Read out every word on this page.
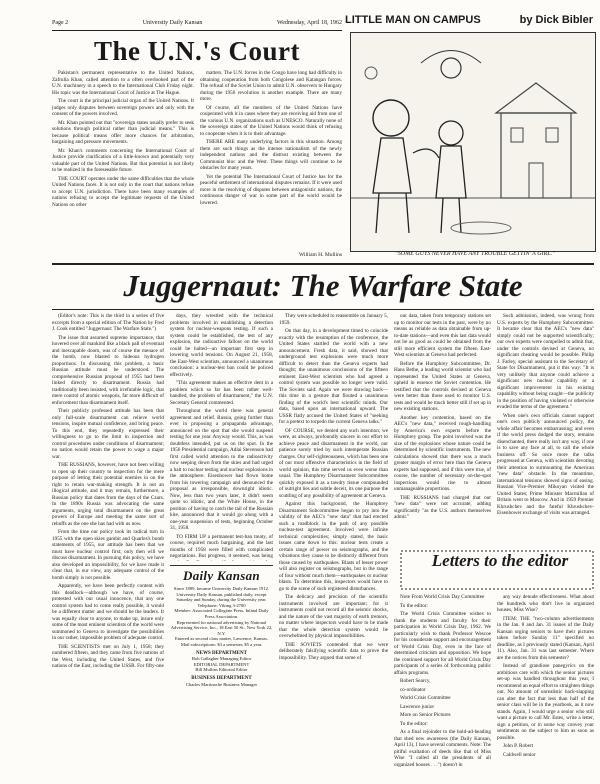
Page 2	University Daily Kansan	Wednesday, April 18, 1962 LITTLE MAN ON CAMPUS	by Dick Bibler
The U.N.'s Court

Pakistan's permanent representative to the United Nations, Zafrulla Khan, called attention to a often overlooked part of the U.N. machinery in a speech to the International Club Friday night. His topic was the International Court of Justice at The Hague.

The court is the principal judicial organ of the United Nations. It judges only disputes between sovereign powers and only with the consent of the powers involved.

Mr. Khan pointed out that "sovereign states usually prefer to seek solutions through political rather than judicial means." This is because political means offer more chances for arbitration, bargaining and pressure movements.

Mr. Khan's comments concerning the International Court of Justice provide clarification of a little-known and potentially very valuable part of the United Nations. But that potential is not likely to be realized in the foreseeable future.

THE COURT operates under the same difficulties that the whole United Nations faces. It is not only in the court that nations refuse to accept U.N. jurisdiction. There have been many examples of nations refusing to accept the legitimate requests of the United Nations on other

matters. The U.N. forces in the Congo have long had difficulty in obtaining cooperation from both Congolese and Katangan forces. The refusal of the Soviet Union to admit U.N. observers to Hungary during the 1956 revolution is another example. There are many more.

Of course, all the members of the United Nations have cooperated with it in cases where they are receiving aid from one of the various U.N. organizations such as UNESCO. Naturally none of the sovereign states of the United Nations would think of refusing to cooperate when it is to their advantage.

THERE ARE many underlying factors in this situation. Among them are such things as the intense nationalism of the newly independent nations and the distrust existing between the Communist bloc and the West. These things will continue to be obstacles for many years.

Yet the potential The International Court of Justice has for the peaceful settlement of international disputes remains. If it were used more in the resolving of disputes between antagonistic nations, the continuous danger of war in some part of the world would be lowered.

William H. Mullins	"SOME GUYS NEVER HAVE ANY TROUBLE GETTIN' A GIRL."
Juggernaut: The Warfare State

(Editor's note: This is the third in a series of five excerpts from a special edition of The Nation by Fred J. Cook entitled "Juggernaut: The Warfare State.")

The issue that assumed supreme importance, that hovered over all mankind like a black pall of eventual and inescapable doom, was of course the menace of the bomb, now blasted to hideous hydrogen proportions. In discussing this problem, a basic Russian attitude must be understood. The comprehensive Russian proposal of 1955 had been linked directly to disarmament. Russia had traditionally been insisted, with irrefutable logic, that mere control of atomic weapons, far more difficult of enforcement than disarmament itself.

Their publicly professed attitude has been that only full-scale disarmament can relieve world tensions, inspire mutual confidence, and bring peace. To this end, they repeatedly expressed their willingness to go to the limit in inspection and control procedures under conditions of disarmament; no nation would retain the power to wage a major war.

THE RUSSIANS, however, have not been willing to open up their country to inspection for the mere purpose of letting their potential enemies in on the right to retain war-making strength. It is not an illogical attitude, and it may remain, furthermore, a Russian policy that dates from the days of the Czars. In the 1890s Russia was advocating the same arguments, urging total disarmament on the great powers of Europe and meeting the same sort of rebuffs as the one she has had with us now.

From the time our policy took its radical turn in 1955 with the open skies gambit and Quarles's bomb statements of 1955, our attitude has been that we must have nuclear control first; only then will we discuss disarmament. In pursuing this policy, we have also developed an impossibility, for we have made it clear that, in our view, any adequate control of the bomb simply is not possible.

Apparently, we have been perfectly content with this deadlock—although we have, of course, protested with our usual innocence, that any one control system had to come really possible, it would be a different matter and we should be the leaders. It was equally clear to anyone, to make up, insure only some of the most eminent scientists of the world were summoned to Geneva to investigate the possibilities in our rather, impossible problem of adequate control.

THE SCIENTISTS met on July 1, 1958; they numbered fifteen, and they came from five nations of the West, including the United States, and five nations of the East, including the USSR. For fifty-one

days, they wrestled with the technical problems involved in establishing a detection system for nuclear-weapons testing. If such a system could be established, the test of any explosion, the radioactive fallout on the world could be halted—an important first step in lowering world tensions. On August 21, 1958, the East-West scientists, announced a unanimous conclusion: a nuclear-test ban could be policed effectively.

"This agreement makes an effective dent in a problem which so far has been rather well-handled, the problem of disarmament," the U.N. Secretary General commented.

Throughout the world there was general agreement and relief. Russia, going further than ever in proposing a propaganda advantage, announced on the spot that she would suspend testing for one year. Anyway would. This, as was doubtless intended, put us on the spot. In the 1956 Presidential campaign, Adlai Stevenson had first called world attention to the radioactivity now seeping down from the skies and had urged a halt to nuclear testing and nuclear explosions in the atmosphere. Eisenhower had flown home from his towering campaign and denounced the proposal as irresponsible, downright idiotic. Now, less than two years later, it didn't seem quite so idiotic, and the White House, in the position of having to catch the tail of the Russian kite, announced that it would go along with a one-year suspension of tests, beginning October 31, 1958.

TO FIRM UP a permanent test-ban treaty, of course, required much bargaining, and the last months of 1958 were filled with complicated negotiations. But progress, it seemed, was being

They were scheduled to reassemble on January 5, 1959.

On that day, in a development timed to coincide exactly with the resumption of the conference, the United States startled the world with a new announcement. Fresh data, it said, showed that underground test explosions were much more difficult to detect than the Geneva experts had thought; the unanimous conclusions of the fifteen eminent East-West scientists who had agreed a control system was possible no longer were valid. The Soviets said: Again we were drawing back—this time in a gesture that flouted a unanimous finding of the world's best scientific minds. Our data, based upon an international upward. The USSR flatly accused the United States of "seeking for a pretext to torpedo the current Geneva talks."

OF COURSE, we denied any such intention; we were, as always, profoundly sincere in our effort to achieve peace and disarmament in the world, our patience sorely tried by such intemperate Russian charges. Our self-righteousness, which has been one of our most offensive characteristics in the field of world opinion, this time served us even worse than usual. The Humphrey Disarmament Subcommittee quickly exposed it as a tawdry tissue compounded of outright lies and subtle deceit, its one purpose the scuttling of any possibility of agreement at Geneva.

Against this background, the Humphrey Disarmament Subcommittee began to pry into the validity of the AEC's "new data" that had erected such a roadblock in the path of any possible nuclear-test agreement. Involved were infinite technical complexities; simply stated, the basic issues came down to this: nuclear tests create a certain range of power on seismographs, and the vibrations they cause to be distinctly different from those caused by earthquakes. Blasts of lesser power will also register on seismographs, but in the range of four without much them—earthquakes or nuclear blasts. To determine this, inspectors would have to go to the scene of such registered disturbances.

The delicacy and precision of the scientific instruments involved are important; for it instruments could not record all the seismic shocks, and the nature of the vast majority of earth tremors, no matter where inspectors would have to be made that the whole detection system would be overwhelmed by physical impossibilities.

THE SOVIETS contended that we were deliberately falsifying scientific data to prove the impossibility. They argued that some of

our data, taken from temporary stations set up to monitor our tests in the past, were by no means as reliable as data obtainable from up-to-date stations—and even this last data would not be as good as could be obtained from the still more efficient system the fifteen East-West scientists at Geneva had perfected.

Before the Humphrey Subcommittee, Dr. Hans Bethe, a leading world scientist who had represented the United States at Geneva, upheld in essence the Soviet contention. He testified that the controls devised at Geneva were better than those used to monitor U.S. tests and would be much better still if set up in new existing stations.

Another key contention, based on the AEC's "new data," received rough-handling by America's own experts before the Humphrey group. The point involved was the size of the explosions whose nature could be determined by scientific instruments. The new calculations showed that there was a much greater margin of error here than the Geneva experts had supposed, and if this were true, of course, the number of necessary on-the-spot inspections would rise to almost unmanageable proportions.

THE RUSSIANS had charged that our "new data" were not accurate, adding significantly "as the U.S. authors themselves admit."

Such admission, indeed, was wrung from U.S. experts by the Humphrey Subcommittee. It became clear that the AEC's "new data" simply could not be supported scientifically; our own experts were compelled to admit that, under the controls devised at Geneva, no significant cheating would be possible. Philip J. Farley, special assistant to the Secretary of State for Disarmament, put it this way: "It is very unlikely that anyone could achieve a significant new nuclear capability or a significant improvement in his existing capability without being caught—the publicity in the position of having violated or otherwise evaded the terms of the agreement."

When one's own officials cannot support one's own publicly announced policy, the whole affair becomes embarrassing; and even if the world press dodged the story, remains disenchanted, there really isn't any way, if one is to save any face at all, to call the whole business off. So once more the talks progressed at Geneva, with scientists devoting their attention to surmounting the American "new data" obstacle. In the meantime, international tensions showed signs of easing. Russian Vice-Premier Mikoyan visited the United States; Prime Minister Macmillan of Britain went to Moscow. And in 1959 Premier Khrushchev and the fateful Khrushchev-Eisenhower exchange of visits was arranged.

Daily Kansan
Since 1889, became University Daily Kansan 1912.
University Daily Kansan, published daily, except Saturday and Sunday, during the University year.
Telephone: Viking 3-2700
Member: Associated Collegiate Press, Inland Daily Press Association.
Represented for national advertising by National Advertising Service, Inc., 18 East 50 St., New York 22, N.Y.
Entered as second class matter, Lawrence, Kansas.
Mail subscriptions: $3 a semester, $5 a year.
NEWS DEPARTMENT
Bob Gallagher Managing Editor
EDITORIAL DEPARTMENT
Bill Mullins Editorial Editor
BUSINESS DEPARTMENT
Charles Martinache Business Manager
Letters to the editor

Note From World Crisis Day Committee

To the editor:

The World Crisis Committee wishes to thank the students and faculty for their participation in World Crisis Day, 1962. We particularly wish to thank Professor Wescoe for his considerate support and encouragement of World Crisis Day, even in the face of determined criticism and opposition. We hope the continued support for all World Crisis Day participants of a series of forthcoming public affairs programs.

Robert Searcy,

co-ordinator

World Crisis Committee

Lawrence junior

More on Senior Pictures

To the editor:

As a final rejoinder to the hold-ad-heading that shed new awareness (the Daily Kansan, April 13), I have several comments. Note: The pitiful exaltation of deeds like that of Miss Wise "I called all the presidents of all organized houses . . .") doesn't in

any way denude effectiveness. What about the hundreds who don't live in organized houses, Miss Wise?

ITEM: THE "two-column advertisements in the Jan. 8 and Jan. 31 issues of the Daily Kansan urging seniors to have their pictures taken before Sunday 11" specified no deadline, as I previously stated (Kansan, April 11). Also, Jan. 31 was last semester. Where are the notices from this semester?

Instead of grandiose panegyrics on the ambitious care with which the senior pictures set-up was handled throughout this year, I recommend an equal effort to straighten things out. No amount of unrealistic back-slapping can alter the fact that less than half of the senior class will be in the yearbook, as it now stands. Again, I would urge a senior who still want a picture to call Mr. Estes, write a letter, sign a petition, or in some way convey your sentiments on the subject to him as soon as possible.

John P. Robert

Caldwell senior
